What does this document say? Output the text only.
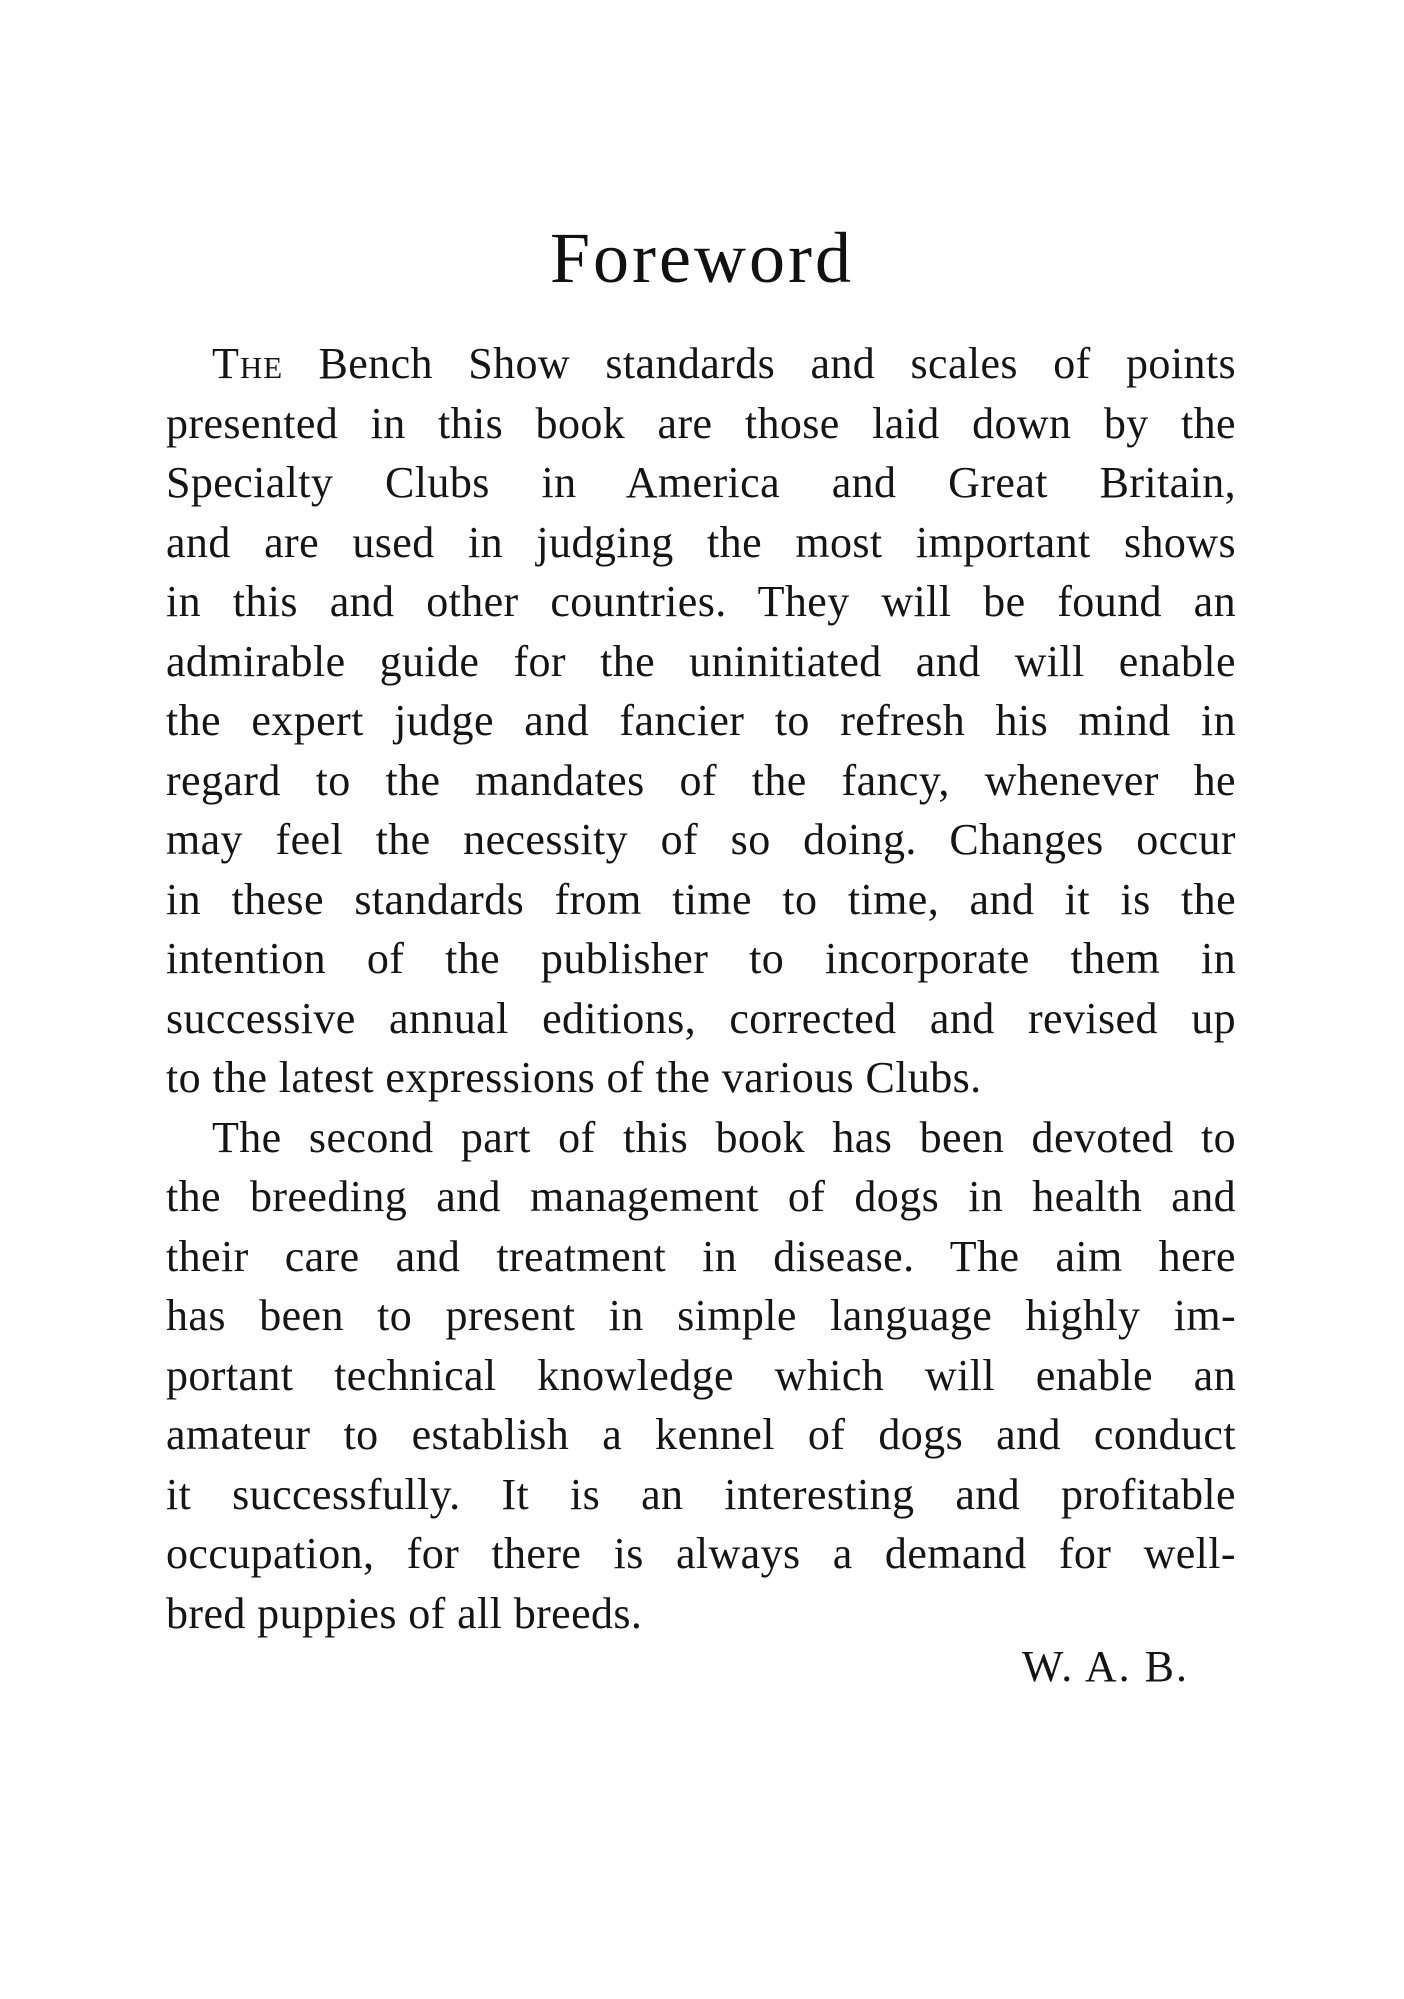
Foreword
The Bench Show standards and scales of points
presented in this book are those laid down by the
Specialty Clubs in America and Great Britain,
and are used in judging the most important shows
in this and other countries. They will be found an
admirable guide for the uninitiated and will enable
the expert judge and fancier to refresh his mind in
regard to the mandates of the fancy, whenever he
may feel the necessity of so doing. Changes occur
in these standards from time to time, and it is the
intention of the publisher to incorporate them in
successive annual editions, corrected and revised up
to the latest expressions of the various Clubs.
The second part of this book has been devoted to
the breeding and management of dogs in health and
their care and treatment in disease. The aim here
has been to present in simple language highly im-
portant technical knowledge which will enable an
amateur to establish a kennel of dogs and conduct
it successfully. It is an interesting and profitable
occupation, for there is always a demand for well-
bred puppies of all breeds.
W. A. B.
